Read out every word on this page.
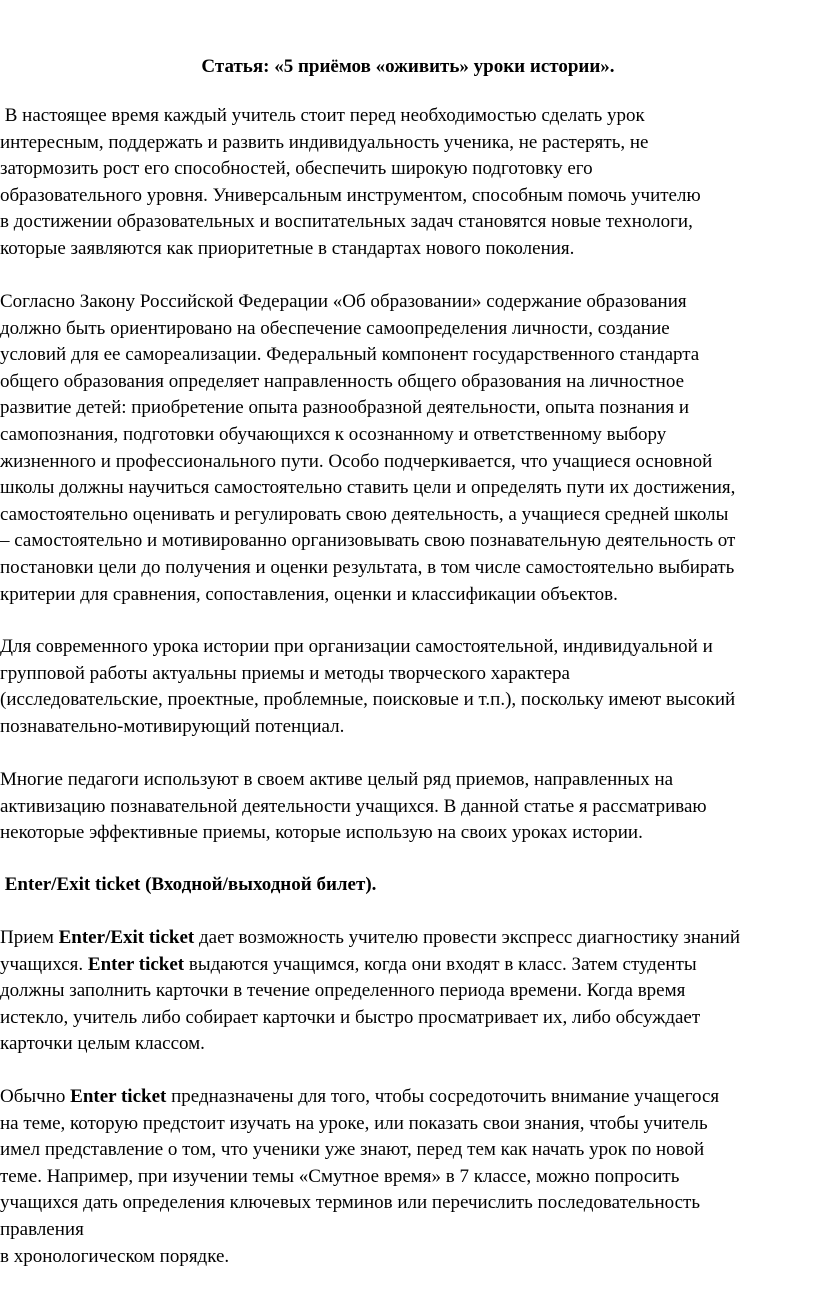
Статья: «5 приёмов «оживить» уроки истории».

В настоящее время каждый учитель стоит перед необходимостью сделать урок
интересным, поддержать и развить индивидуальность ученика, не растерять, не
затормозить рост его способностей, обеспечить широкую подготовку его
образовательного уровня. Универсальным инструментом, способным помочь учителю
в достижении образовательных и воспитательных задач становятся новые технологи,
которые заявляются как приоритетные в стандартах нового поколения.

Согласно Закону Российской Федерации «Об образовании» содержание образования
должно быть ориентировано на обеспечение самоопределения личности, создание
условий для ее самореализации. Федеральный компонент государственного стандарта
общего образования определяет направленность общего образования на личностное
развитие детей: приобретение опыта разнообразной деятельности, опыта познания и
самопознания, подготовки обучающихся к осознанному и ответственному выбору
жизненного и профессионального пути. Особо подчеркивается, что учащиеся основной
школы должны научиться самостоятельно ставить цели и определять пути их достижения,
самостоятельно оценивать и регулировать свою деятельность, а учащиеся средней школы
– самостоятельно и мотивированно организовывать свою познавательную деятельность от
постановки цели до получения и оценки результата, в том числе самостоятельно выбирать
критерии для сравнения, сопоставления, оценки и классификации объектов.

Для современного урока истории при организации самостоятельной, индивидуальной и
групповой работы актуальны приемы и методы творческого характера
(исследовательские, проектные, проблемные, поисковые и т.п.), поскольку имеют высокий
познавательно-мотивирующий потенциал.

Многие педагоги используют в своем активе целый ряд приемов, направленных на
активизацию познавательной деятельности учащихся. В данной статье я рассматриваю
некоторые эффективные приемы, которые использую на своих уроках истории.

Enter/Exit ticket (Входной/выходной билет).

Прием Enter/Exit ticket дает возможность учителю провести экспресс диагностику знаний
учащихся. Enter ticket выдаются учащимся, когда они входят в класс. Затем студенты
должны заполнить карточки в течение определенного периода времени. Когда время
истекло, учитель либо собирает карточки и быстро просматривает их, либо обсуждает
карточки целым классом.

Обычно Enter ticket предназначены для того, чтобы сосредоточить внимание учащегося
на теме, которую предстоит изучать на уроке, или показать свои знания, чтобы учитель
имел представление о том, что ученики уже знают, перед тем как начать урок по новой
теме. Например, при изучении темы «Смутное время» в 7 классе, можно попросить
учащихся дать определения ключевых терминов или перечислить последовательность
правления
в хронологическом порядке.
